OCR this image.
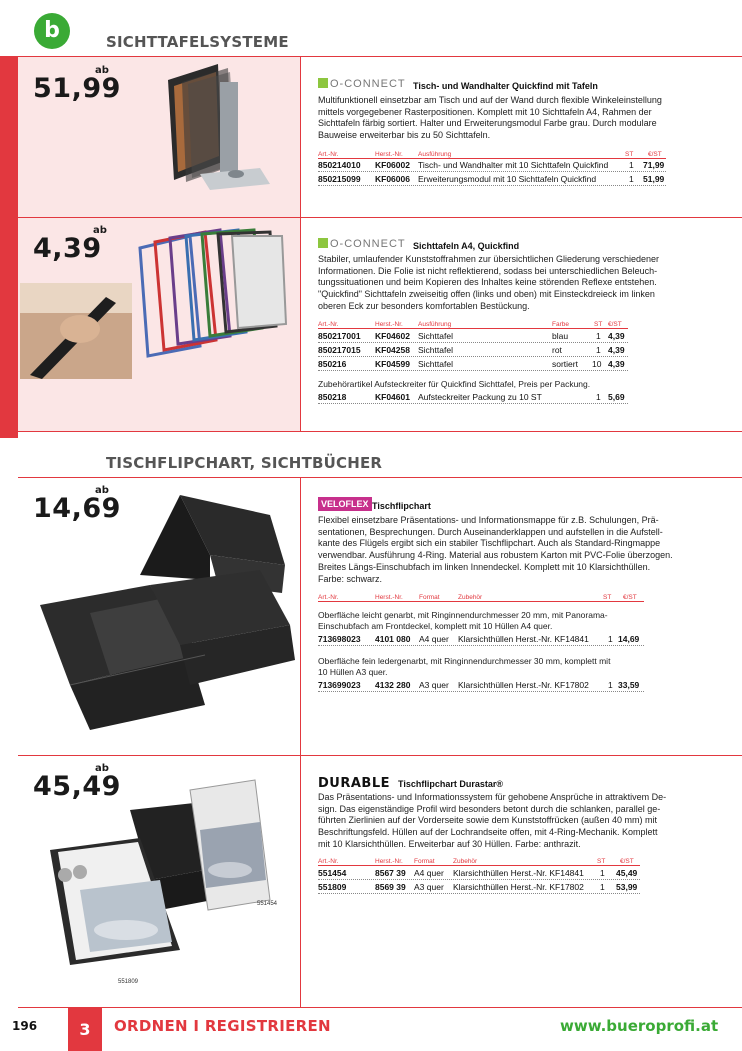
b	SICHTTAFELSYSTEME
ab
51,99	O-CONNECT Tisch- und Wandhalter Quickfind mit Tafeln
Multifunktionell einsetzbar am Tisch und auf der Wand durch flexible Winkeleinstellung
mittels vorgegebener Rasterpositionen. Komplett mit 10 Sichttafeln A4, Rahmen der
Sichttafeln färbig sortiert. Halter und Erweiterungsmodul Farbe grau. Durch modulare
Bauweise erweiterbar bis zu 50 Sichttafeln.
Art.-Nr.	Herst.-Nr. Ausführung	ST €/ST
850214010 KF06002 Tisch- und Wandhalter mit 10 Sichttafeln Quickfind 1 71,99
850215099 KF06006 Erweiterungsmodul mit 10 Sichttafeln Quickfind	1 51,99
ab
4,39	O-CONNECT Sichttafeln A4, Quickfind
Stabiler, umlaufender Kunststoffrahmen zur übersichtlichen Gliederung verschiedener
Informationen. Die Folie ist nicht reflektierend, sodass bei unterschiedlichen Beleuch-
tungssituationen und beim Kopieren des Inhaltes keine störenden Reflexe entstehen.
"Quickfind" Sichttafeln zweiseitig offen (links und oben) mit Einsteckdreieck im linken
oberen Eck zur besonders komfortablen Bestückung.
Art.-Nr.	Herst.-Nr. Ausführung	Farbe	ST €/ST
850217001 KF04602 Sichttafel	blau	1 4,39
850217015 KF04258 Sichttafel	rot	1 4,39
850216	KF04599 Sichttafel	sortiert 10 4,39
Zubehörartikel Aufsteckreiter für Quickfind Sichttafel, Preis per Packung.
850218	KF04601 Aufsteckreiter Packung zu 10 ST	1 5,69
TISCHFLIPCHART, SICHTBÜCHER
ab
14,69	VELOFLEX Tischflipchart
Flexibel einsetzbare Präsentations- und Informationsmappe für z.B. Schulungen, Prä-
sentationen, Besprechungen. Durch Auseinanderklappen und aufstellen in die Aufstell-
kante des Flügels ergibt sich ein stabiler Tischflipchart. Auch als Standard-Ringmappe
verwendbar. Ausführung 4-Ring. Material aus robustem Karton mit PVC-Folie überzogen.
Breites Längs-Einschubfach im linken Innendeckel. Komplett mit 10 Klarsichthüllen.
Farbe: schwarz.
Art.-Nr.	Herst.-Nr. Format	Zubehör	ST €/ST
Oberfläche leicht genarbt, mit Ringinnendurchmesser 20 mm, mit Panorama-
Einschubfach am Frontdeckel, komplett mit 10 Hüllen A4 quer.
713698023 4101 080 A4 quer Klarsichthüllen Herst.-Nr. KF14841 1 14,69
Oberfläche fein ledergenarbt, mit Ringinnendurchmesser 30 mm, komplett mit
10 Hüllen A3 quer.
713699023 4132 280 A3 quer Klarsichthüllen Herst.-Nr. KF17802 1 33,59
ab
45,49
551454
551809
DURABLE Tischflipchart Durastar®
Das Präsentations- und Informationssystem für gehobene Ansprüche in attraktivem De-
sign. Das eigenständige Profil wird besonders betont durch die schlanken, parallel ge-
führten Zierlinien auf der Vorderseite sowie dem Kunststoffrücken (außen 40 mm) mit
Beschriftungsfeld. Hüllen auf der Lochrandseite offen, mit 4-Ring-Mechanik. Komplett
mit 10 Klarsichthüllen. Erweiterbar auf 30 Hüllen. Farbe: anthrazit.
Art.-Nr.	Herst.-Nr. Format	Zubehör	ST €/ST
551454	8567 39 A4 quer Klarsichthüllen Herst.-Nr. KF14841 1 45,49
551809	8569 39 A3 quer Klarsichthüllen Herst.-Nr. KF17802 1 53,99
196	3	ORDNEN I REGISTRIEREN	www.bueroprofi.at
